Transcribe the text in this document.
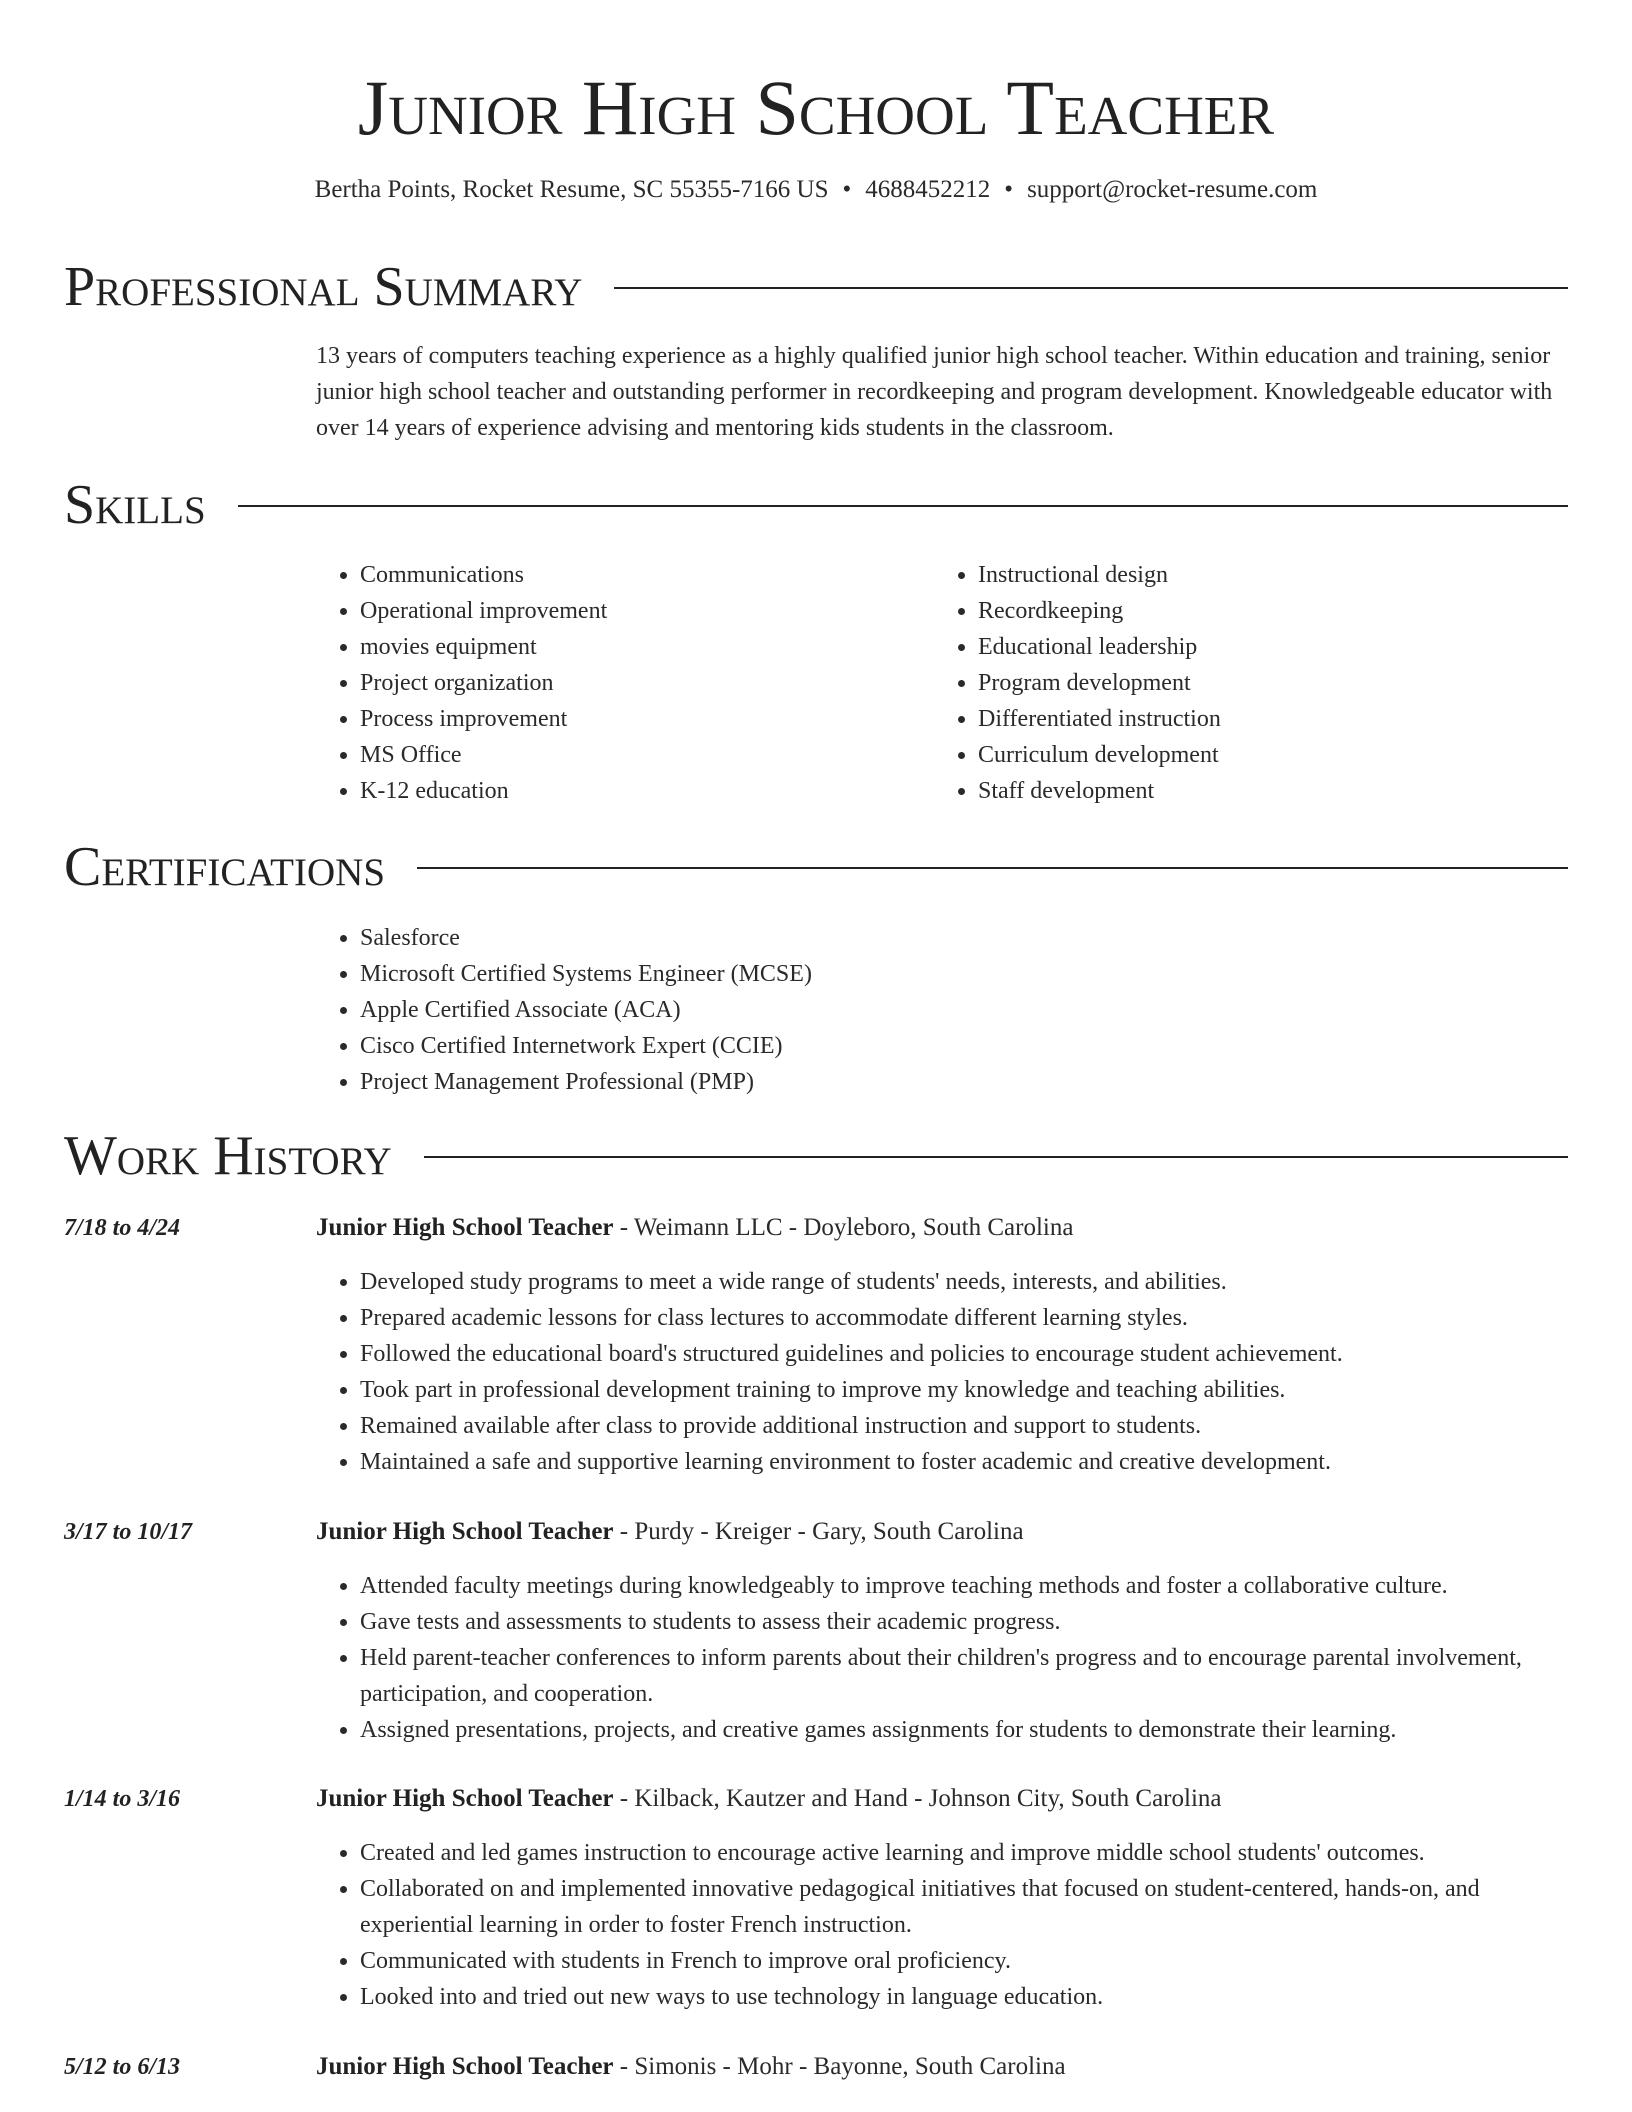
Junior High School Teacher
Bertha Points, Rocket Resume, SC 55355-7166 US • 4688452212 • support@rocket-resume.com
Professional Summary
13 years of computers teaching experience as a highly qualified junior high school teacher. Within education and training, senior junior high school teacher and outstanding performer in recordkeeping and program development. Knowledgeable educator with over 14 years of experience advising and mentoring kids students in the classroom.
Skills
• Communications
• Operational improvement
• movies equipment
• Project organization
• Process improvement
• MS Office
• K-12 education
• Instructional design
• Recordkeeping
• Educational leadership
• Program development
• Differentiated instruction
• Curriculum development
• Staff development
Certifications
• Salesforce
• Microsoft Certified Systems Engineer (MCSE)
• Apple Certified Associate (ACA)
• Cisco Certified Internetwork Expert (CCIE)
• Project Management Professional (PMP)
Work History
7/18 to 4/24	Junior High School Teacher - Weimann LLC - Doyleboro, South Carolina
• Developed study programs to meet a wide range of students' needs, interests, and abilities.
• Prepared academic lessons for class lectures to accommodate different learning styles.
• Followed the educational board's structured guidelines and policies to encourage student achievement.
• Took part in professional development training to improve my knowledge and teaching abilities.
• Remained available after class to provide additional instruction and support to students.
• Maintained a safe and supportive learning environment to foster academic and creative development.
3/17 to 10/17	Junior High School Teacher - Purdy - Kreiger - Gary, South Carolina
• Attended faculty meetings during knowledgeably to improve teaching methods and foster a collaborative culture.
• Gave tests and assessments to students to assess their academic progress.
• Held parent-teacher conferences to inform parents about their children's progress and to encourage parental involvement, participation, and cooperation.
• Assigned presentations, projects, and creative games assignments for students to demonstrate their learning.
1/14 to 3/16	Junior High School Teacher - Kilback, Kautzer and Hand - Johnson City, South Carolina
• Created and led games instruction to encourage active learning and improve middle school students' outcomes.
• Collaborated on and implemented innovative pedagogical initiatives that focused on student-centered, hands-on, and experiential learning in order to foster French instruction.
• Communicated with students in French to improve oral proficiency.
• Looked into and tried out new ways to use technology in language education.
5/12 to 6/13	Junior High School Teacher - Simonis - Mohr - Bayonne, South Carolina
